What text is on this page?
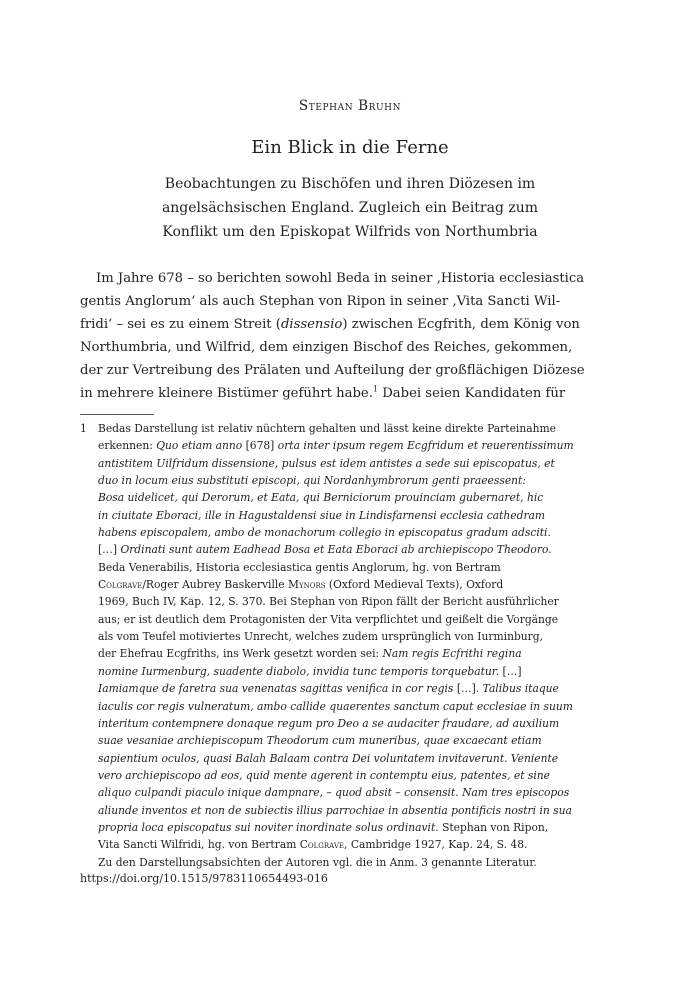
Stephan Bruhn
Ein Blick in die Ferne
Beobachtungen zu Bischöfen und ihren Diözesen im
angelsächsischen England. Zugleich ein Beitrag zum
Konflikt um den Episkopat Wilfrids von Northumbria
Im Jahre 678 – so berichten sowohl Beda in seiner ‚Historia ecclesiastica
gentis Anglorum‘ als auch Stephan von Ripon in seiner ‚Vita Sancti Wil-
fridi‘ – sei es zu einem Streit (dissensio) zwischen Ecgfrith, dem König von
Northumbria, und Wilfrid, dem einzigen Bischof des Reiches, gekommen,
der zur Vertreibung des Prälaten und Aufteilung der großflächigen Diözese
in mehrere kleinere Bistümer geführt habe.$^1$ Dabei seien Kandidaten für
1 Bedas Darstellung ist relativ nüchtern gehalten und lässt keine direkte Parteinahme
erkennen: Quo etiam anno [678] orta inter ipsum regem Ecgfridum et reuerentissimum
antistitem Uilfridum dissensione, pulsus est idem antistes a sede sui episcopatus, et
duo in locum eius substituti episcopi, qui Nordanhymbrorum genti praeessent:
Bosa uidelicet, qui Derorum, et Eata, qui Berniciorum prouinciam gubernaret, hic
in ciuitate Eboraci, ille in Hagustaldensi siue in Lindisfarnensi ecclesia cathedram
habens episcopalem, ambo de monachorum collegio in episcopatus gradum adsciti.
[…] Ordinati sunt autem Eadhead Bosa et Eata Eboraci ab archiepiscopo Theodoro.
Beda Venerabilis, Historia ecclesiastica gentis Anglorum, hg. von Bertram
Colgrave/Roger Aubrey Baskerville Mynors (Oxford Medieval Texts), Oxford
1969, Buch IV, Kap. 12, S. 370. Bei Stephan von Ripon fällt der Bericht ausführlicher
aus; er ist deutlich dem Protagonisten der Vita verpflichtet und geißelt die Vorgänge
als vom Teufel motiviertes Unrecht, welches zudem ursprünglich von Iurminburg,
der Ehefrau Ecgfriths, ins Werk gesetzt worden sei: Nam regis Ecfrithi regina
nomine Iurmenburg, suadente diabolo, invidia tunc temporis torquebatur. […]
Iamiamque de faretra sua venenatas sagittas venifica in cor regis […]. Talibus itaque
iaculis cor regis vulneratum, ambo callide quaerentes sanctum caput ecclesiae in suum
interitum contempnere donaque regum pro Deo a se audaciter fraudare, ad auxilium
suae vesaniae archiepiscopum Theodorum cum muneribus, quae excaecant etiam
sapientium oculos, quasi Balah Balaam contra Dei voluntatem invitaverunt. Veniente
vero archiepiscopo ad eos, quid mente agerent in contemptu eius, patentes, et sine
aliquo culpandi piaculo inique dampnare, – quod absit – consensit. Nam tres episcopos
aliunde inventos et non de subiectis illius parrochiae in absentia pontificis nostri in sua
propria loca episcopatus sui noviter inordinate solus ordinavit. Stephan von Ripon,
Vita Sancti Wilfridi, hg. von Bertram Colgrave, Cambridge 1927, Kap. 24, S. 48.
Zu den Darstellungsabsichten der Autoren vgl. die in Anm. 3 genannte Literatur.
https://doi.org/10.1515/9783110654493-016
